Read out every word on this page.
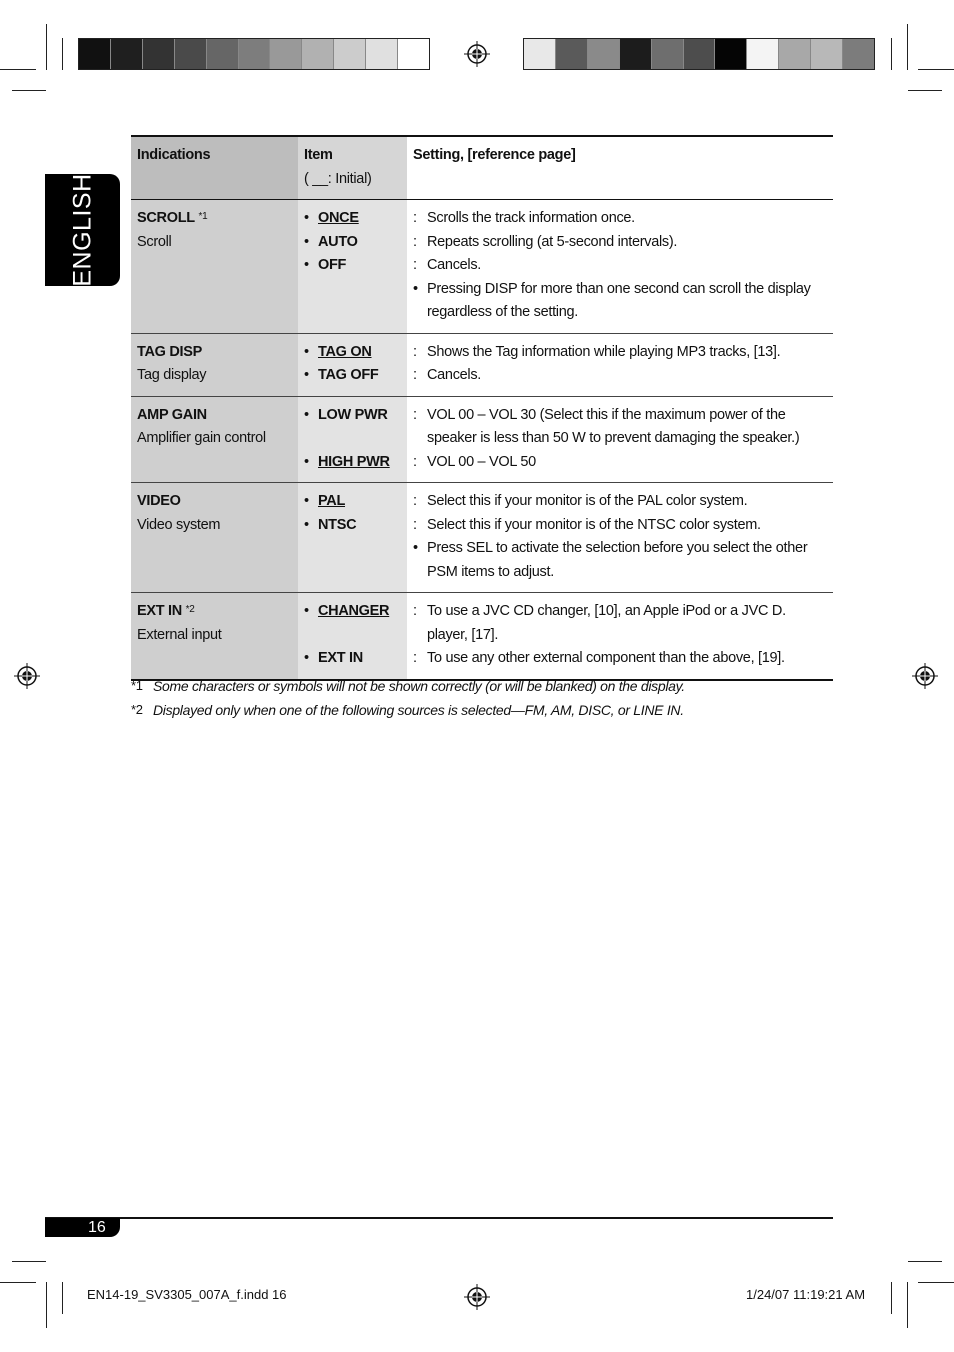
ENGLISH
Indications	Item
( __: Initial)
Setting, [reference page]
SCROLL $^{*1}$
Scroll
• ONCE
• AUTO
• OFF
: Scrolls the track information once.
: Repeats scrolling (at 5-second intervals).
: Cancels.
• Pressing DISP for more than one second can scroll the display regardless of the setting.
TAG DISP
Tag display
• TAG ON
• TAG OFF
: Shows the Tag information while playing MP3 tracks, [13].
: Cancels.
AMP GAIN
Amplifier gain control
• LOW PWR
• HIGH PWR
: VOL 00 – VOL 30 (Select this if the maximum power of the speaker is less than 50 W to prevent damaging the speaker.)
: VOL 00 – VOL 50
VIDEO
Video system
• PAL
• NTSC
: Select this if your monitor is of the PAL color system.
: Select this if your monitor is of the NTSC color system.
• Press SEL to activate the selection before you select the other PSM items to adjust.
EXT IN $^{*2}$
External input
• CHANGER
• EXT IN
: To use a JVC CD changer, [10], an Apple iPod or a JVC D. player, [17].
: To use any other external component than the above, [19].
*1 Some characters or symbols will not be shown correctly (or will be blanked) on the display.
*2 Displayed only when one of the following sources is selected—FM, AM, DISC, or LINE IN.
16
EN14-19_SV3305_007A_f.indd 16	1/24/07 11:19:21 AM
